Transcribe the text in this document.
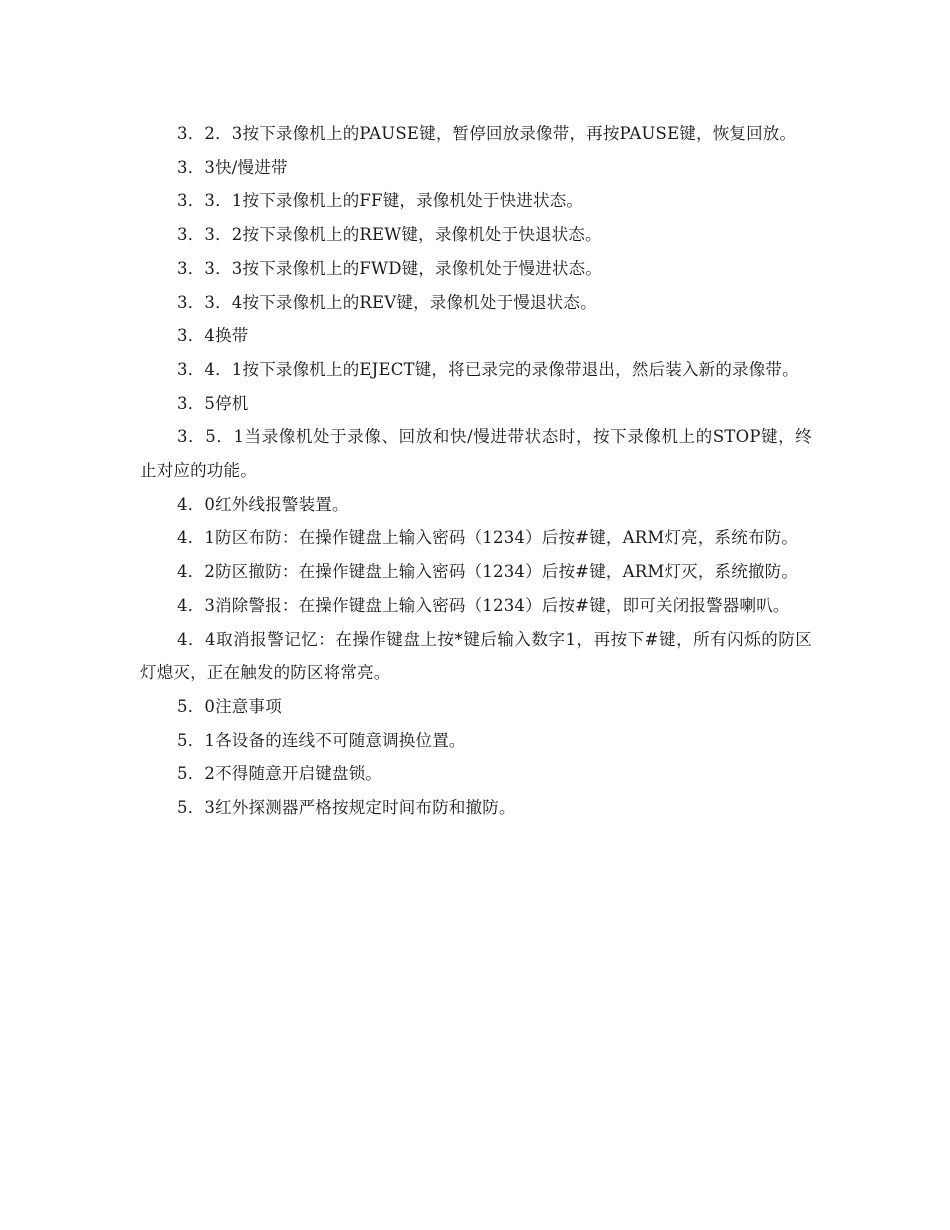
3．2．3按下录像机上的PAUSE键，暂停回放录像带，再按PAUSE键，恢复回放。

3．3快/慢进带

3．3．1按下录像机上的FF键，录像机处于快进状态。

3．3．2按下录像机上的REW键，录像机处于快退状态。

3．3．3按下录像机上的FWD键，录像机处于慢进状态。

3．3．4按下录像机上的REV键，录像机处于慢退状态。

3．4换带

3．4．1按下录像机上的EJECT键，将已录完的录像带退出，然后装入新的录像带。

3．5停机

3．5．1当录像机处于录像、回放和快/慢进带状态时，按下录像机上的STOP键，终止对应的功能。

4．0红外线报警装置。

4．1防区布防：在操作键盘上输入密码（1234）后按#键，ARM灯亮，系统布防。

4．2防区撤防：在操作键盘上输入密码（1234）后按#键，ARM灯灭，系统撤防。

4．3消除警报：在操作键盘上输入密码（1234）后按#键，即可关闭报警器喇叭。

4．4取消报警记忆：在操作键盘上按*键后输入数字1，再按下#键，所有闪烁的防区灯熄灭，正在触发的防区将常亮。

5．0注意事项

5．1各设备的连线不可随意调换位置。

5．2不得随意开启键盘锁。

5．3红外探测器严格按规定时间布防和撤防。
